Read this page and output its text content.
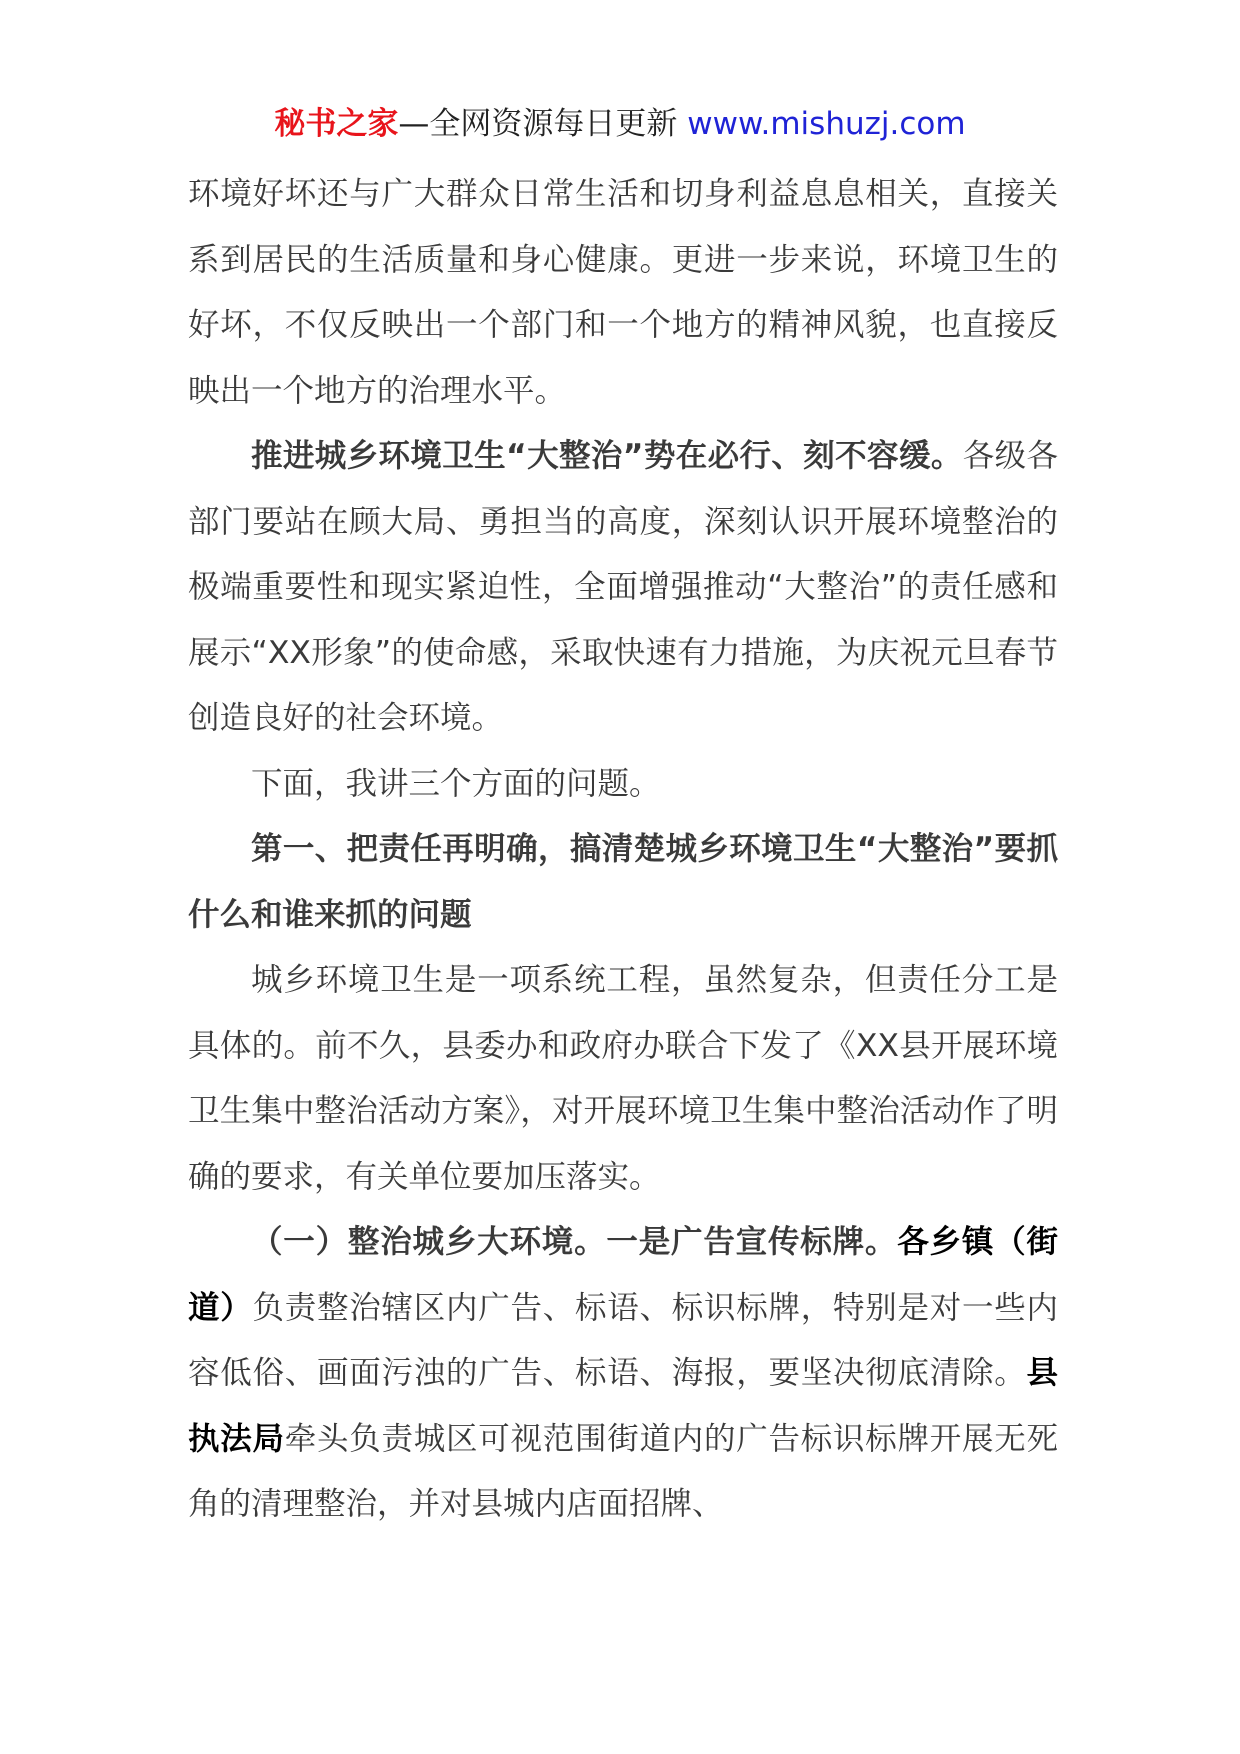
秘书之家—全网资源每日更新 www.mishuzj.com

环境好坏还与广大群众日常生活和切身利益息息相关，直接关系到居民的生活质量和身心健康。更进一步来说，环境卫生的好坏，不仅反映出一个部门和一个地方的精神风貌，也直接反映出一个地方的治理水平。

推进城乡环境卫生“大整治”势在必行、刻不容缓。各级各部门要站在顾大局、勇担当的高度，深刻认识开展环境整治的极端重要性和现实紧迫性，全面增强推动“大整治”的责任感和展示“XX形象”的使命感，采取快速有力措施，为庆祝元旦春节创造良好的社会环境。

下面，我讲三个方面的问题。

第一、把责任再明确，搞清楚城乡环境卫生“大整治”要抓什么和谁来抓的问题

城乡环境卫生是一项系统工程，虽然复杂，但责任分工是具体的。前不久，县委办和政府办联合下发了《XX县开展环境卫生集中整治活动方案》，对开展环境卫生集中整治活动作了明确的要求，有关单位要加压落实。

（一）整治城乡大环境。一是广告宣传标牌。各乡镇（街道）负责整治辖区内广告、标语、标识标牌，特别是对一些内容低俗、画面污浊的广告、标语、海报，要坚决彻底清除。县执法局牵头负责城区可视范围街道内的广告标识标牌开展无死角的清理整治，并对县城内店面招牌、
